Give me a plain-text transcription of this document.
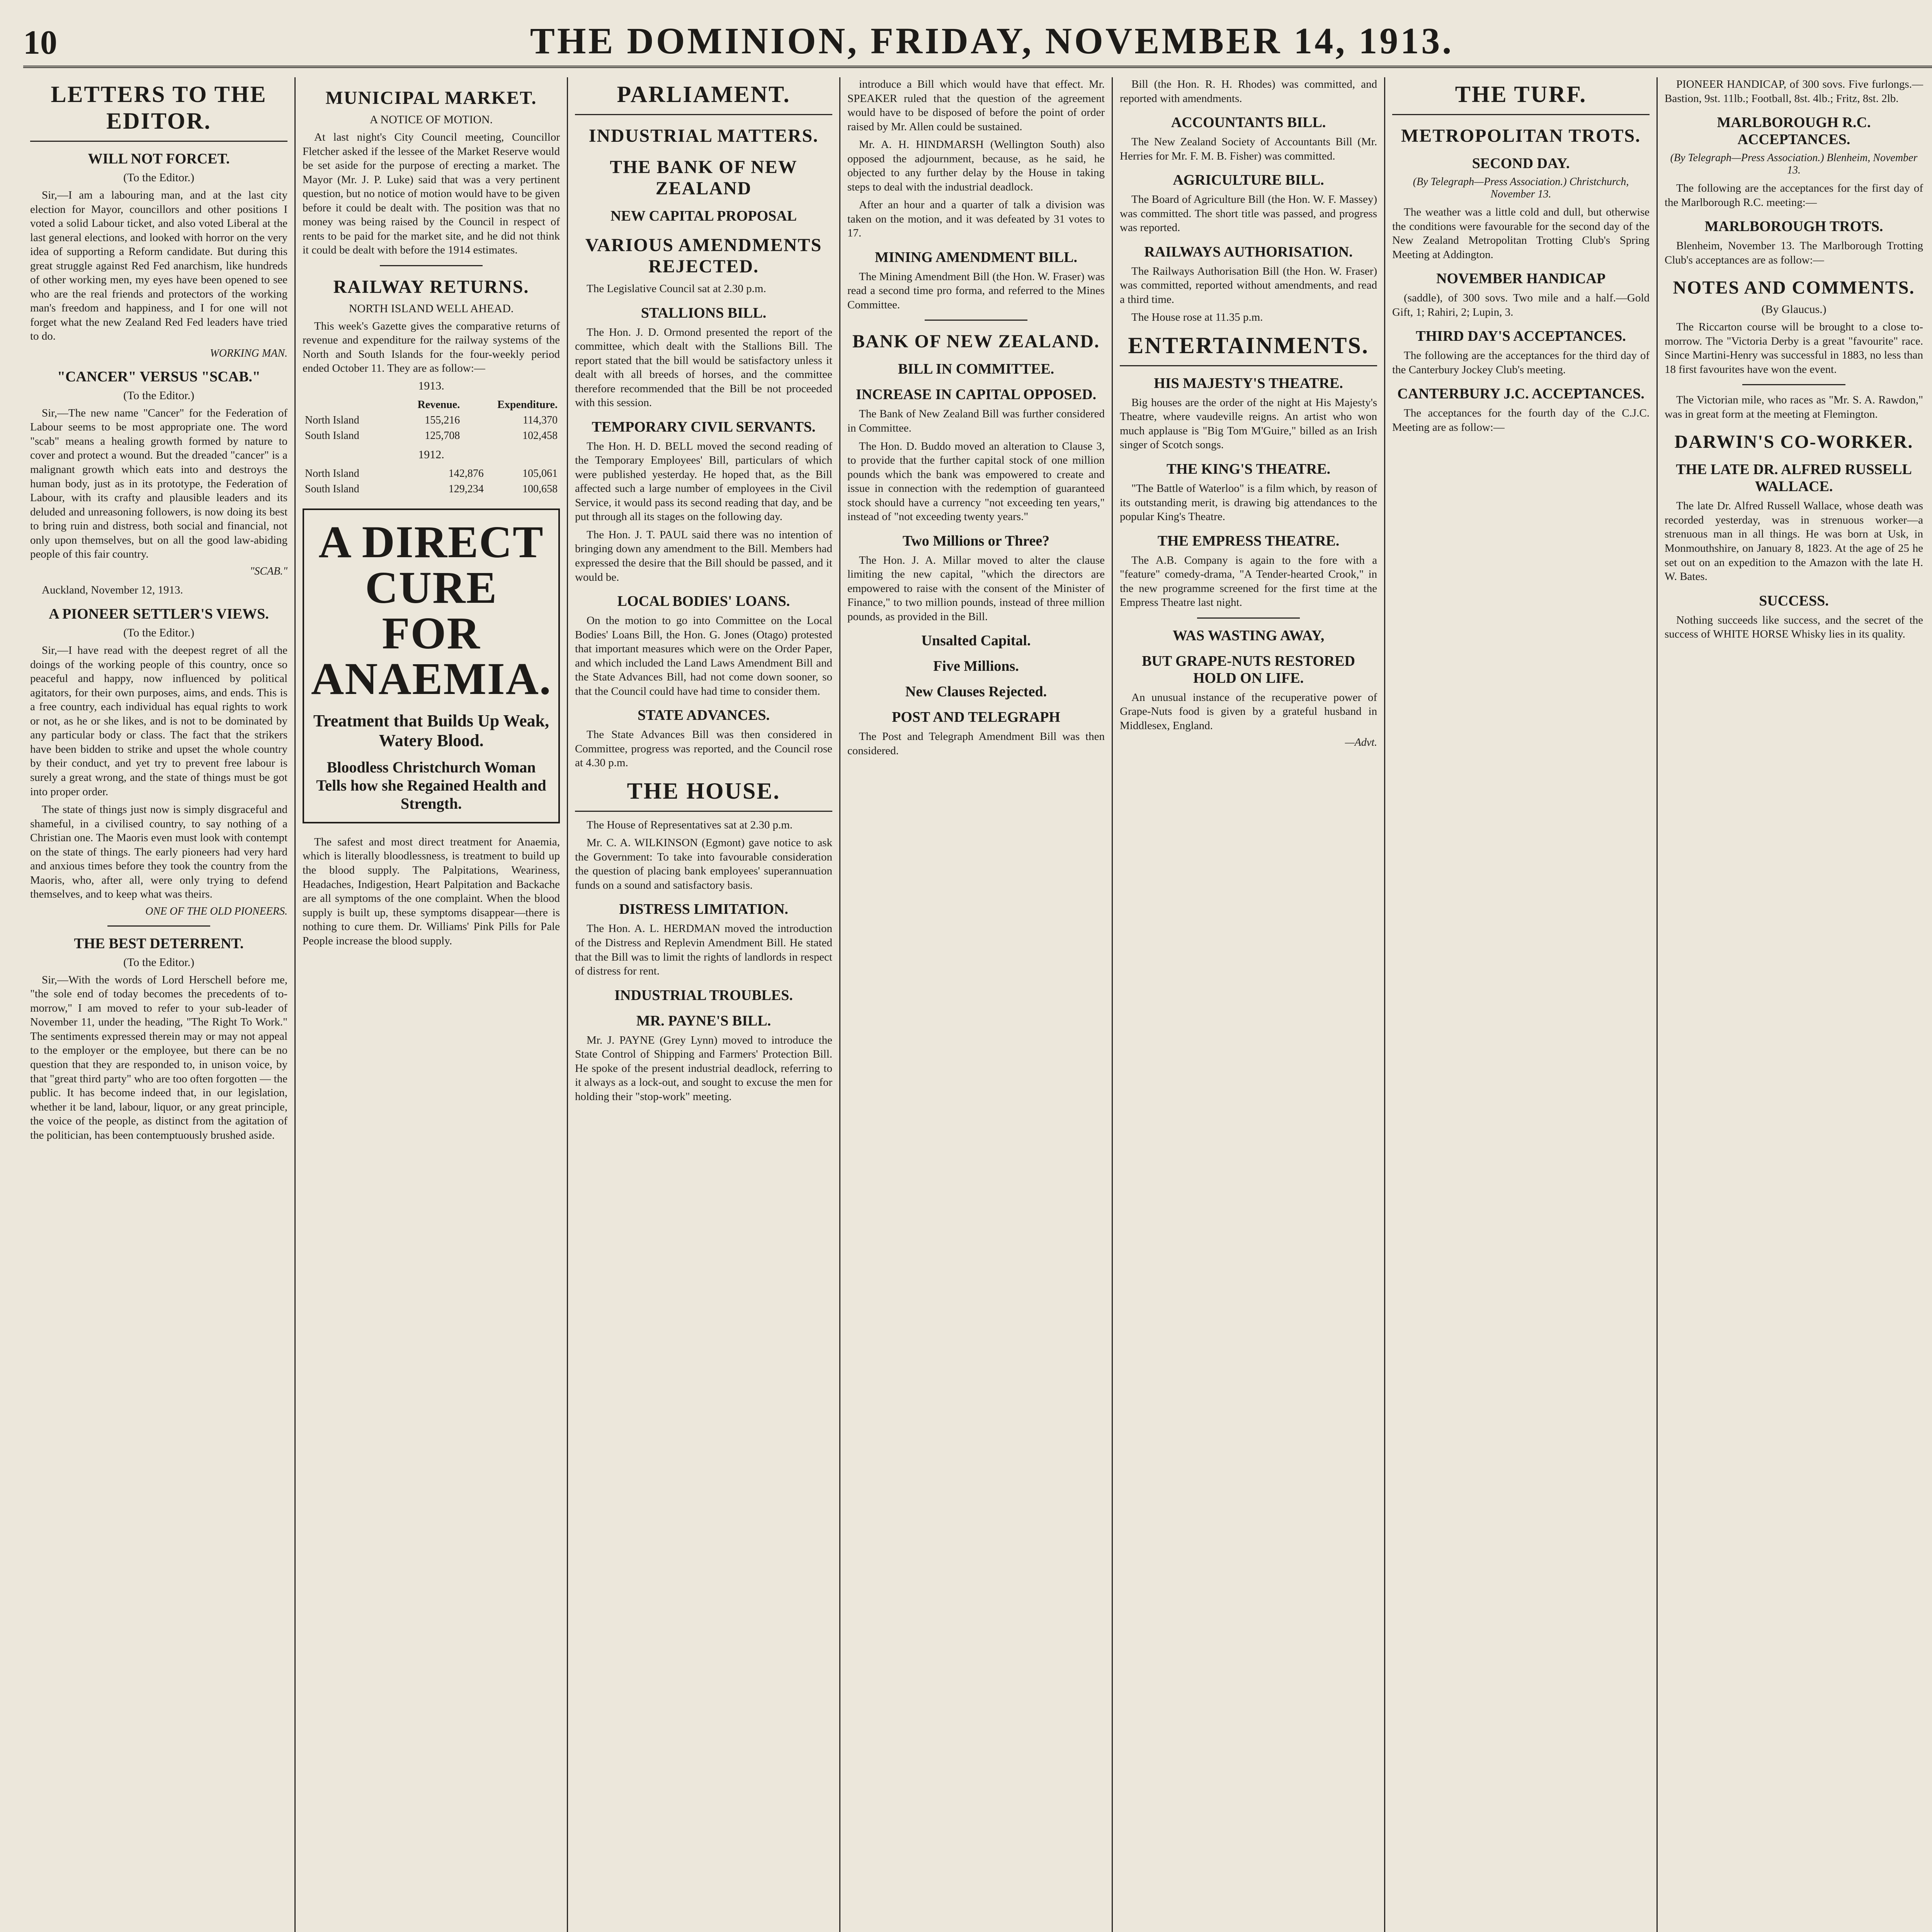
10	THE DOMINION, FRIDAY, NOVEMBER 14, 1913.
LETTERS TO THE EDITOR.
WILL NOT FORCET.
(To the Editor.)

Sir,—I am a labouring man, and at the last city election for Mayor, councillors and other positions I voted a solid Labour ticket, and also voted Liberal at the last general elections, and looked with horror on the very idea of supporting a Reform candidate. But during this great struggle against Red Fed anarchism, like hundreds of other working men, my eyes have been opened to see who are the real friends and protectors of the working man's freedom and happiness, and I for one will not forget what the new Zealand Red Fed leaders have tried to do.

WORKING MAN.
"CANCER" VERSUS "SCAB."
(To the Editor.)

Sir,—The new name "Cancer" for the Federation of Labour seems to be most appropriate one. The word "scab" means a healing growth formed by nature to cover and protect a wound. But the dreaded "cancer" is a malignant growth which eats into and destroys the human body, just as in its prototype, the Federation of Labour, with its crafty and plausible leaders and its deluded and unreasoning followers, is now doing its best to bring ruin and distress, both social and financial, not only upon themselves, but on all the good law-abiding people of this fair country.

"SCAB."

Auckland, November 12, 1913.

A PIONEER SETTLER'S VIEWS.
(To the Editor.)

Sir,—I have read with the deepest regret of all the doings of the working people of this country, once so peaceful and happy, now influenced by political agitators, for their own purposes, aims, and ends. This is a free country, each individual has equal rights to work or not, as he or she likes, and is not to be dominated by any particular body or class. The fact that the strikers have been bidden to strike and upset the whole country by their conduct, and yet try to prevent free labour is surely a great wrong, and the state of things must be got into proper order.

The state of things just now is simply disgraceful and shameful, in a civilised country, to say nothing of a Christian one. The Maoris even must look with contempt on the state of things. The early pioneers had very hard and anxious times before they took the country from the Maoris, who, after all, were only trying to defend themselves, and to keep what was theirs.

ONE OF THE OLD PIONEERS.
THE BEST DETERRENT.
(To the Editor.)

Sir,—With the words of Lord Herschell before me, "the sole end of today becomes the precedents of to-morrow," I am moved to refer to your sub-leader of November 11, under the heading, "The Right To Work." The sentiments expressed therein may or may not appeal to the employer or the employee, but there can be no question that they are responded to, in unison voice, by that "great third party" who are too often forgotten — the public. It has become indeed that, in our legislation, whether it be land, labour, liquor, or any great principle, the voice of the people, as distinct from the agitation of the politician, has been contemptuously brushed aside.

MUNICIPAL MARKET.
A NOTICE OF MOTION.

At last night's City Council meeting, Councillor Fletcher asked if the lessee of the Market Reserve would be set aside for the purpose of erecting a market. The Mayor (Mr. J. P. Luke) said that was a very pertinent question, but no notice of motion would have to be given before it could be dealt with. The position was that no money was being raised by the Council in respect of rents to be paid for the market site, and he did not think it could be dealt with before the 1914 estimates.

RAILWAY RETURNS.
NORTH ISLAND WELL AHEAD.

This week's Gazette gives the comparative returns of revenue and expenditure for the railway systems of the North and South Islands for the four-weekly period ended October 11. They are as follow:—

1913.
	Revenue.	Expenditure.
North Island	155,216	114,370
South Island	125,708	102,458
1912.
North Island	142,876	105,061
South Island	129,234	100,658
A DIRECT CURE
FOR ANAEMIA.
Treatment that Builds Up Weak, Watery Blood.
Bloodless Christchurch Woman Tells how she Regained Health and Strength.

The safest and most direct treatment for Anaemia, which is literally bloodlessness, is treatment to build up the blood supply. The Palpitations, Weariness, Headaches, Indigestion, Heart Palpitation and Backache are all symptoms of the one complaint. When the blood supply is built up, these symptoms disappear—there is nothing to cure them. Dr. Williams' Pink Pills for Pale People increase the blood supply.

PARLIAMENT.
INDUSTRIAL MATTERS.
THE BANK OF NEW ZEALAND
NEW CAPITAL PROPOSAL
VARIOUS AMENDMENTS REJECTED.

The Legislative Council sat at 2.30 p.m.

STALLIONS BILL.

The Hon. J. D. Ormond presented the report of the committee, which dealt with the Stallions Bill. The report stated that the bill would be satisfactory unless it dealt with all breeds of horses, and the committee therefore recommended that the Bill be not proceeded with this session.

TEMPORARY CIVIL SERVANTS.

The Hon. H. D. BELL moved the second reading of the Temporary Employees' Bill, particulars of which were published yesterday. He hoped that, as the Bill affected such a large number of employees in the Civil Service, it would pass its second reading that day, and be put through all its stages on the following day.

The Hon. J. T. PAUL said there was no intention of bringing down any amendment to the Bill. Members had expressed the desire that the Bill should be passed, and it would be.

LOCAL BODIES' LOANS.

On the motion to go into Committee on the Local Bodies' Loans Bill, the Hon. G. Jones (Otago) protested that important measures which were on the Order Paper, and which included the Land Laws Amendment Bill and the State Advances Bill, had not come down sooner, so that the Council could have had time to consider them.

STATE ADVANCES.

The State Advances Bill was then considered in Committee, progress was reported, and the Council rose at 4.30 p.m.

THE HOUSE.

The House of Representatives sat at 2.30 p.m.

Mr. C. A. WILKINSON (Egmont) gave notice to ask the Government: To take into favourable consideration the question of placing bank employees' superannuation funds on a sound and satisfactory basis.

DISTRESS LIMITATION.

The Hon. A. L. HERDMAN moved the introduction of the Distress and Replevin Amendment Bill. He stated that the Bill was to limit the rights of landlords in respect of distress for rent.

INDUSTRIAL TROUBLES.
MR. PAYNE'S BILL.

Mr. J. PAYNE (Grey Lynn) moved to introduce the State Control of Shipping and Farmers' Protection Bill. He spoke of the present industrial deadlock, referring to it always as a lock-out, and sought to excuse the men for holding their "stop-work" meeting.

introduce a Bill which would have that effect. Mr. SPEAKER ruled that the question of the agreement would have to be disposed of before the point of order raised by Mr. Allen could be sustained.

Mr. A. H. HINDMARSH (Wellington South) also opposed the adjournment, because, as he said, he objected to any further delay by the House in taking steps to deal with the industrial deadlock.

After an hour and a quarter of talk a division was taken on the motion, and it was defeated by 31 votes to 17.

MINING AMENDMENT BILL.

The Mining Amendment Bill (the Hon. W. Fraser) was read a second time pro forma, and referred to the Mines Committee.

BANK OF NEW ZEALAND.
BILL IN COMMITTEE.
INCREASE IN CAPITAL OPPOSED.

The Bank of New Zealand Bill was further considered in Committee.

The Hon. D. Buddo moved an alteration to Clause 3, to provide that the further capital stock of one million pounds which the bank was empowered to create and issue in connection with the redemption of guaranteed stock should have a currency "not exceeding ten years," instead of "not exceeding twenty years."

Two Millions or Three?

The Hon. J. A. Millar moved to alter the clause limiting the new capital, "which the directors are empowered to raise with the consent of the Minister of Finance," to two million pounds, instead of three million pounds, as provided in the Bill.

Unsalted Capital.
Five Millions.
New Clauses Rejected.
POST AND TELEGRAPH

The Post and Telegraph Amendment Bill was then considered.

Bill (the Hon. R. H. Rhodes) was committed, and reported with amendments.

ACCOUNTANTS BILL.

The New Zealand Society of Accountants Bill (Mr. Herries for Mr. F. M. B. Fisher) was committed.

AGRICULTURE BILL.

The Board of Agriculture Bill (the Hon. W. F. Massey) was committed. The short title was passed, and progress was reported.

RAILWAYS AUTHORISATION.

The Railways Authorisation Bill (the Hon. W. Fraser) was committed, reported without amendments, and read a third time.

The House rose at 11.35 p.m.

ENTERTAINMENTS.
HIS MAJESTY'S THEATRE.

Big houses are the order of the night at His Majesty's Theatre, where vaudeville reigns. An artist who won much applause is "Big Tom M'Guire," billed as an Irish singer of Scotch songs.

THE KING'S THEATRE.

"The Battle of Waterloo" is a film which, by reason of its outstanding merit, is drawing big attendances to the popular King's Theatre.

THE EMPRESS THEATRE.

The A.B. Company is again to the fore with a "feature" comedy-drama, "A Tender-hearted Crook," in the new programme screened for the first time at the Empress Theatre last night.

WAS WASTING AWAY,
BUT GRAPE-NUTS RESTORED HOLD ON LIFE.

An unusual instance of the recuperative power of Grape-Nuts food is given by a grateful husband in Middlesex, England.

—Advt.
THE TURF.
METROPOLITAN TROTS.
SECOND DAY.
(By Telegraph—Press Association.) Christchurch, November 13.

The weather was a little cold and dull, but otherwise the conditions were favourable for the second day of the New Zealand Metropolitan Trotting Club's Spring Meeting at Addington.

NOVEMBER HANDICAP

(saddle), of 300 sovs. Two mile and a half.—Gold Gift, 1; Rahiri, 2; Lupin, 3.

THIRD DAY'S ACCEPTANCES.

The following are the acceptances for the third day of the Canterbury Jockey Club's meeting.

CANTERBURY J.C. ACCEPTANCES.

The acceptances for the fourth day of the C.J.C. Meeting are as follow:—

PIONEER HANDICAP, of 300 sovs. Five furlongs.—Bastion, 9st. 11lb.; Football, 8st. 4lb.; Fritz, 8st. 2lb.

MARLBOROUGH R.C. ACCEPTANCES.
(By Telegraph—Press Association.) Blenheim, November 13.

The following are the acceptances for the first day of the Marlborough R.C. meeting:—

MARLBOROUGH TROTS.

Blenheim, November 13. The Marlborough Trotting Club's acceptances are as follow:—

NOTES AND COMMENTS.
(By Glaucus.)

The Riccarton course will be brought to a close to-morrow. The "Victoria Derby is a great "favourite" race. Since Martini-Henry was successful in 1883, no less than 18 first favourites have won the event.

The Victorian mile, who races as "Mr. S. A. Rawdon," was in great form at the meeting at Flemington.

DARWIN'S CO-WORKER.
THE LATE DR. ALFRED RUSSELL WALLACE.

The late Dr. Alfred Russell Wallace, whose death was recorded yesterday, was in strenuous worker—a strenuous man in all things. He was born at Usk, in Monmouthshire, on January 8, 1823. At the age of 25 he set out on an expedition to the Amazon with the late H. W. Bates.

SUCCESS.

Nothing succeeds like success, and the secret of the success of WHITE HORSE Whisky lies in its quality.
